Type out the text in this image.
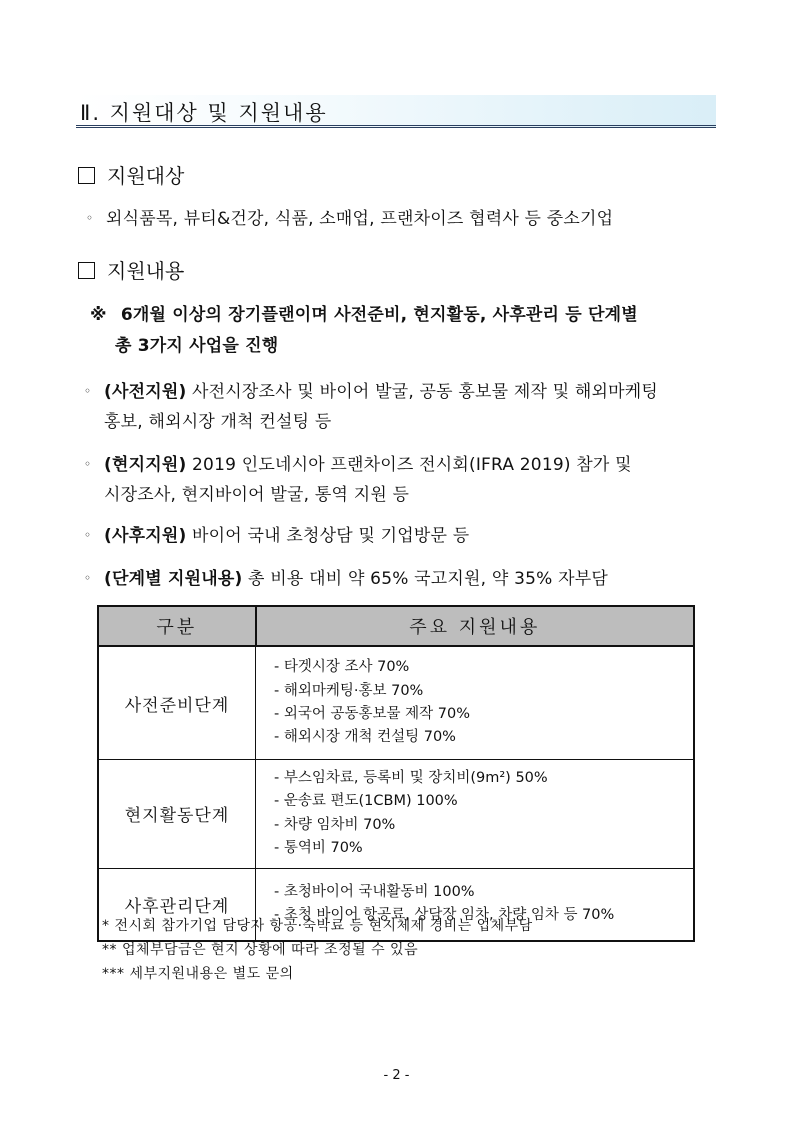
Ⅱ. 지원대상 및 지원내용
지원대상
◦ 외식품목, 뷰티&건강, 식품, 소매업, 프랜차이즈 협력사 등 중소기업
지원내용
※ 6개월 이상의 장기플랜이며 사전준비, 현지활동, 사후관리 등 단계별
총 3가지 사업을 진행
◦ (사전지원) 사전시장조사 및 바이어 발굴, 공동 홍보물 제작 및 해외마케팅
홍보, 해외시장 개척 컨설팅 등
◦ (현지지원) 2019 인도네시아 프랜차이즈 전시회(IFRA 2019) 참가 및
시장조사, 현지바이어 발굴, 통역 지원 등
◦ (사후지원) 바이어 국내 초청상담 및 기업방문 등
◦ (단계별 지원내용) 총 비용 대비 약 65% 국고지원, 약 35% 자부담
구분	주요 지원내용
사전준비단계	- 타겟시장 조사 70%
- 해외마케팅·홍보 70%
- 외국어 공동홍보물 제작 70%
- 해외시장 개척 컨설팅 70%

현지활동단계	- 부스임차료, 등록비 및 장치비(9m²) 50%
- 운송료 편도(1CBM) 100%
- 차량 임차비 70%
- 통역비 70%

사후관리단계	- 초청바이어 국내활동비 100%
- 초청 바이어 항공료, 상담장 임차, 차량 임차 등 70%
* 전시회 참가기업 담당자 항공·숙박료 등 현지체제 경비는 업체부담
** 업체부담금은 현지 상황에 따라 조정될 수 있음
*** 세부지원내용은 별도 문의
- 2 -
